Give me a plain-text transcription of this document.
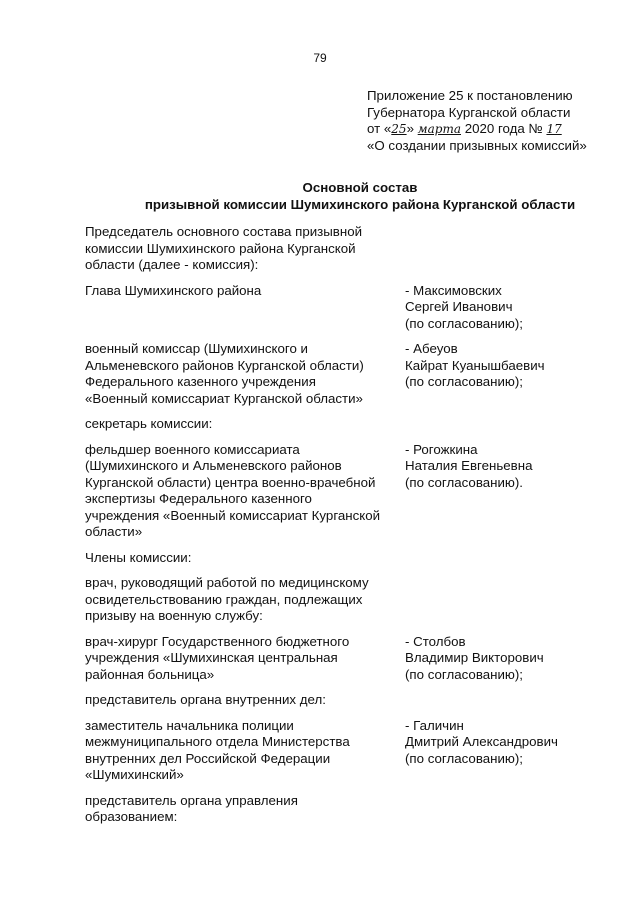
79
Приложение 25 к постановлению
Губернатора Курганской области
от «25» марта 2020 года № 17
«О создании призывных комиссий»
Основной состав
призывной комиссии Шумихинского района Курганской области
Председатель основного состава призывной
комиссии Шумихинского района Курганской
области (далее - комиссия):
Глава Шумихинского района	- Максимовских
Сергей Иванович
(по согласованию);
военный комиссар (Шумихинского и
Альменевского районов Курганской области)
Федерального казенного учреждения
«Военный комиссариат Курганской области»
- Абеуов
Кайрат Куанышбаевич
(по согласованию);
секретарь комиссии:
фельдшер военного комиссариата
(Шумихинского и Альменевского районов
Курганской области) центра военно-врачебной
экспертизы Федерального казенного
учреждения «Военный комиссариат Курганской
области»
- Рогожкина
Наталия Евгеньевна
(по согласованию).
Члены комиссии:
врач, руководящий работой по медицинскому
освидетельствованию граждан, подлежащих
призыву на военную службу:
врач-хирург Государственного бюджетного
учреждения «Шумихинская центральная
районная больница»
- Столбов
Владимир Викторович
(по согласованию);
представитель органа внутренних дел:
заместитель начальника полиции
межмуниципального отдела Министерства
внутренних дел Российской Федерации
«Шумихинский»
- Галичин
Дмитрий Александрович
(по согласованию);
представитель органа управления
образованием:
